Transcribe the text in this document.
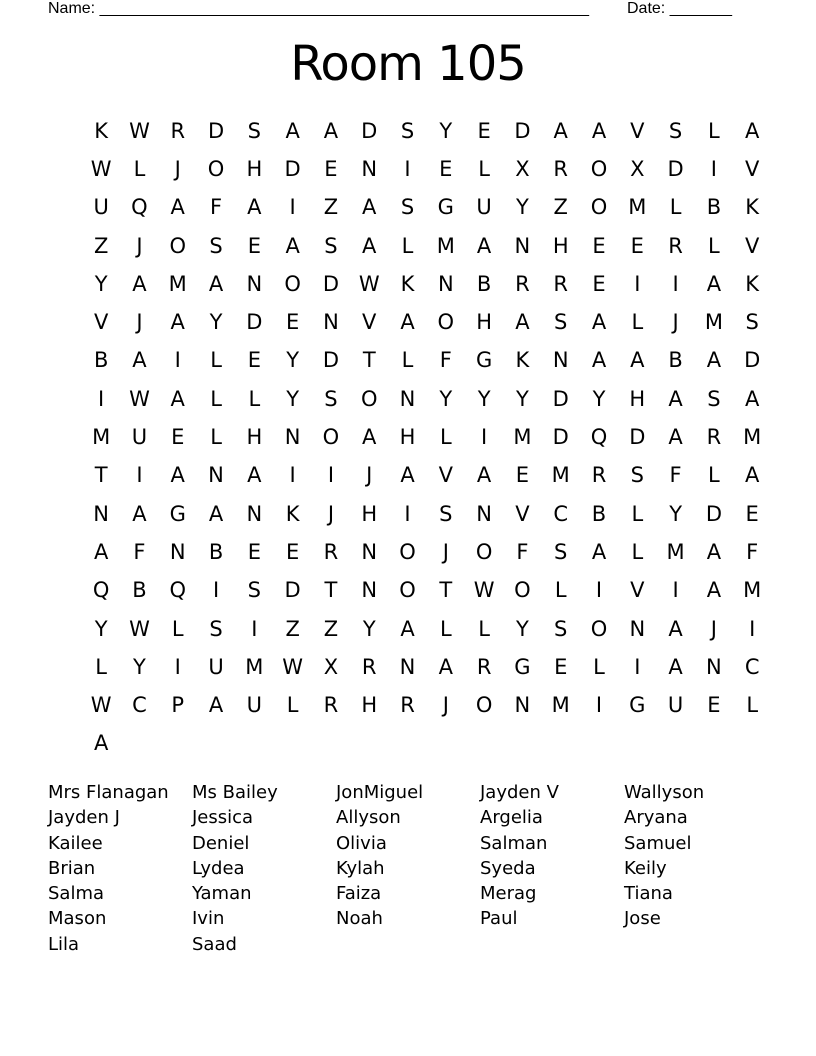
Name: _______________________________________________________ Date: _______
Room 105
K	W R	D	S	A	A	D	S	Y	E	D	A	A	V	S	L	A
W	L	J	O	H	D	E	N	I	E	L	X	R	O	X	D	I	V
U	Q	A	F	A	I	Z	A	S	G	U	Y	Z	O M	L	B	K
Z	J	O	S	E	A	S	A	L	M	A	N	H	E	E	R	L	V
Y	A	M	A	N	O	D W	K	N	B	R	R	E	I	I	A	K
V	J	A	Y	D	E	N	V	A	O	H	A	S	A	L	J	M	S
B	A	I	L	E	Y	D	T	L	F	G	K	N	A	A	B	A	D
I	W A	L	L	Y	S	O	N	Y	Y	Y	D	Y	H	A	S	A
M	U	E	L	H	N	O	A	H	L	I	M	D	Q	D	A	R	M
T	I	A	N	A	I	I	J	A	V	A	E	M	R	S	F	L	A
N	A	G	A	N	K	J	H	I	S	N	V	C	B	L	Y	D	E
A	F	N	B	E	E	R	N	O	J	O	F	S	A	L	M	A	F
Q	B	Q	I	S	D	T	N	O	T	W O	L	I	V	I	A	M
Y	W	L	S	I	Z	Z	Y	A	L	L	Y	S	O	N	A	J	I
L	Y	I	U	M W X	R	N	A	R	G	E	L	I	A	N	C
W C	P	A	U	L	R	H	R	J	O	N	M	I	G	U	E	L
A
Mrs Flanagan	Ms Bailey	JonMiguel	Jayden V	Wallyson
Jayden J	Jessica	Allyson	Argelia	Aryana
Kailee	Deniel	Olivia	Salman	Samuel
Brian	Lydea	Kylah	Syeda	Keily
Salma	Yaman	Faiza	Merag	Tiana
Mason	Ivin	Noah	Paul	Jose
Lila	Saad
